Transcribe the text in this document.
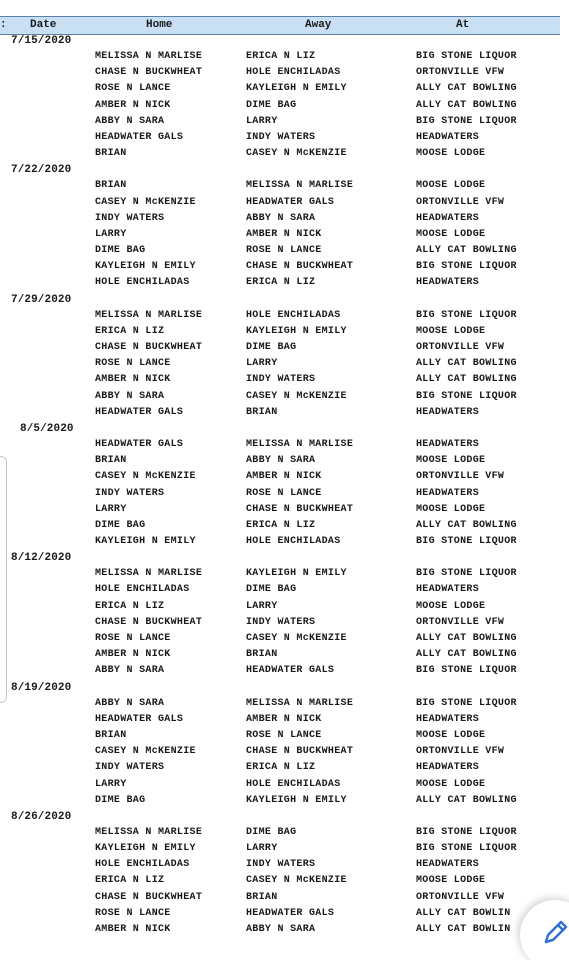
: Date	Home	Away	At
7/15/2020
MELISSA N MARLISE	ERICA N LIZ	BIG STONE LIQUOR
CHASE N BUCKWHEAT	HOLE ENCHILADAS	ORTONVILLE VFW
ROSE N LANCE	KAYLEIGH N EMILY	ALLY CAT BOWLING
AMBER N NICK	DIME BAG	ALLY CAT BOWLING
ABBY N SARA	LARRY	BIG STONE LIQUOR
HEADWATER GALS	INDY WATERS	HEADWATERS
BRIAN	CASEY N McKENZIE	MOOSE LODGE
7/22/2020
BRIAN	MELISSA N MARLISE	MOOSE LODGE
CASEY N McKENZIE	HEADWATER GALS	ORTONVILLE VFW
INDY WATERS	ABBY N SARA	HEADWATERS
LARRY	AMBER N NICK	MOOSE LODGE
DIME BAG	ROSE N LANCE	ALLY CAT BOWLING
KAYLEIGH N EMILY	CHASE N BUCKWHEAT	BIG STONE LIQUOR
HOLE ENCHILADAS	ERICA N LIZ	HEADWATERS
7/29/2020
MELISSA N MARLISE	HOLE ENCHILADAS	BIG STONE LIQUOR
ERICA N LIZ	KAYLEIGH N EMILY	MOOSE LODGE
CHASE N BUCKWHEAT	DIME BAG	ORTONVILLE VFW
ROSE N LANCE	LARRY	ALLY CAT BOWLING
AMBER N NICK	INDY WATERS	ALLY CAT BOWLING
ABBY N SARA	CASEY N McKENZIE	BIG STONE LIQUOR
HEADWATER GALS	BRIAN	HEADWATERS
8/5/2020
HEADWATER GALS	MELISSA N MARLISE	HEADWATERS
BRIAN	ABBY N SARA	MOOSE LODGE
CASEY N McKENZIE	AMBER N NICK	ORTONVILLE VFW
INDY WATERS	ROSE N LANCE	HEADWATERS
LARRY	CHASE N BUCKWHEAT	MOOSE LODGE
DIME BAG	ERICA N LIZ	ALLY CAT BOWLING
KAYLEIGH N EMILY	HOLE ENCHILADAS	BIG STONE LIQUOR
8/12/2020
MELISSA N MARLISE	KAYLEIGH N EMILY	BIG STONE LIQUOR
HOLE ENCHILADAS	DIME BAG	HEADWATERS
ERICA N LIZ	LARRY	MOOSE LODGE
CHASE N BUCKWHEAT	INDY WATERS	ORTONVILLE VFW
ROSE N LANCE	CASEY N McKENZIE	ALLY CAT BOWLING
AMBER N NICK	BRIAN	ALLY CAT BOWLING
ABBY N SARA	HEADWATER GALS	BIG STONE LIQUOR
8/19/2020
ABBY N SARA	MELISSA N MARLISE	BIG STONE LIQUOR
HEADWATER GALS	AMBER N NICK	HEADWATERS
BRIAN	ROSE N LANCE	MOOSE LODGE
CASEY N McKENZIE	CHASE N BUCKWHEAT	ORTONVILLE VFW
INDY WATERS	ERICA N LIZ	HEADWATERS
LARRY	HOLE ENCHILADAS	MOOSE LODGE
DIME BAG	KAYLEIGH N EMILY	ALLY CAT BOWLING
8/26/2020
MELISSA N MARLISE	DIME BAG	BIG STONE LIQUOR
KAYLEIGH N EMILY	LARRY	BIG STONE LIQUOR
HOLE ENCHILADAS	INDY WATERS	HEADWATERS
ERICA N LIZ	CASEY N McKENZIE	MOOSE LODGE
CHASE N BUCKWHEAT	BRIAN	ORTONVILLE VFW
ROSE N LANCE	HEADWATER GALS	ALLY CAT BOWLIN
AMBER N NICK	ABBY N SARA	ALLY CAT BOWLIN
